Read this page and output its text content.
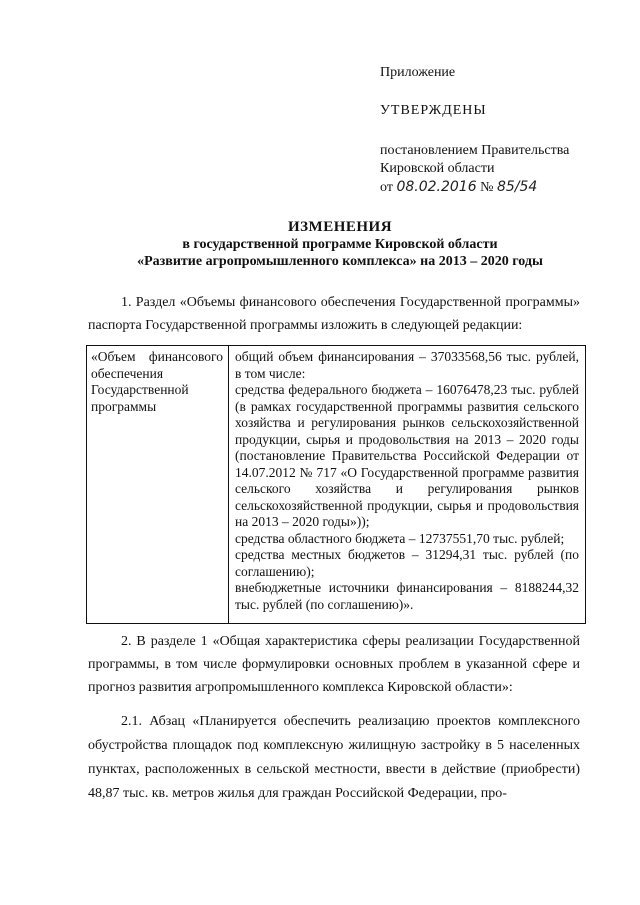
Приложение
УТВЕРЖДЕНЫ
постановлением Правительства
Кировской области
от 08.02.2016 № 85/54
ИЗМЕНЕНИЯ
в государственной программе Кировской области
«Развитие агропромышленного комплекса» на 2013 – 2020 годы
1. Раздел «Объемы финансового обеспечения Государственной программы» паспорта Государственной программы изложить в следующей редакции:
«Объем финансового обеспечения Государственной программы
общий объем финансирования – 37033568,56 тыс. рублей, в том числе:
средства федерального бюджета – 16076478,23 тыс. рублей (в рамках государственной программы развития сельского хозяйства и регулирования рынков сельскохозяйственной продукции, сырья и продовольствия на 2013 – 2020 годы (постановление Правительства Российской Федерации от 14.07.2012 № 717 «О Государственной программе развития сельского хозяйства и регулирования рынков сельскохозяйственной продукции, сырья и продовольствия на 2013 – 2020 годы»));
средства областного бюджета – 12737551,70 тыс. рублей;
средства местных бюджетов – 31294,31 тыс. рублей (по соглашению);
внебюджетные источники финансирования – 8188244,32 тыс. рублей (по соглашению)».
2. В разделе 1 «Общая характеристика сферы реализации Государственной программы, в том числе формулировки основных проблем в указанной сфере и прогноз развития агропромышленного комплекса Кировской области»:
2.1. Абзац «Планируется обеспечить реализацию проектов комплексного обустройства площадок под комплексную жилищную застройку в 5 населенных пунктах, расположенных в сельской местности, ввести в действие (приобрести) 48,87 тыс. кв. метров жилья для граждан Российской Федерации, про-
